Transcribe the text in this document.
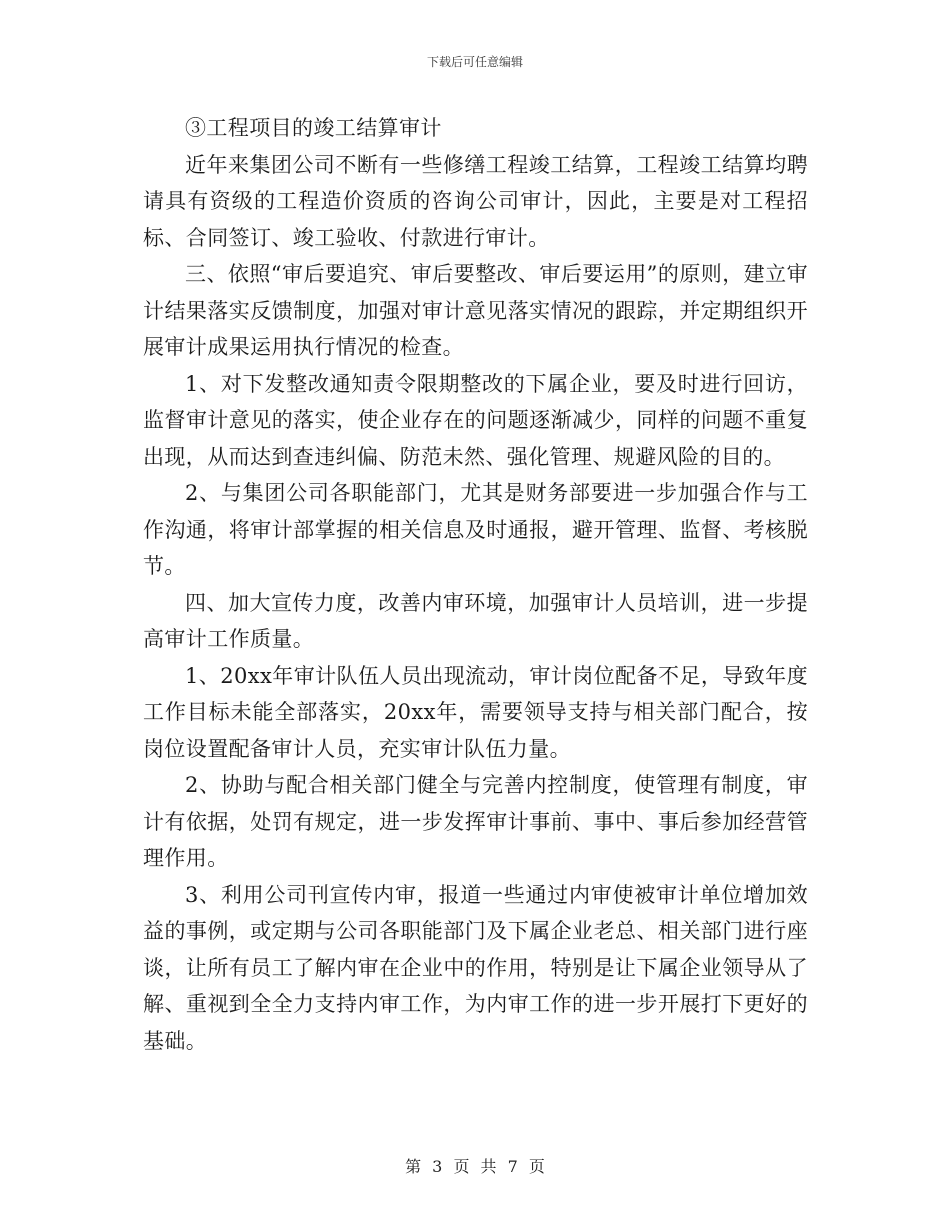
下载后可任意编辑

③工程项目的竣工结算审计

近年来集团公司不断有一些修缮工程竣工结算，工程竣工结算均聘请具有资级的工程造价资质的咨询公司审计，因此，主要是对工程招标、合同签订、竣工验收、付款进行审计。

三、依照“审后要追究、审后要整改、审后要运用”的原则，建立审计结果落实反馈制度，加强对审计意见落实情况的跟踪，并定期组织开展审计成果运用执行情况的检查。

1、对下发整改通知责令限期整改的下属企业，要及时进行回访，监督审计意见的落实，使企业存在的问题逐渐减少，同样的问题不重复出现，从而达到查违纠偏、防范未然、强化管理、规避风险的目的。

2、与集团公司各职能部门，尤其是财务部要进一步加强合作与工作沟通，将审计部掌握的相关信息及时通报，避开管理、监督、考核脱节。

四、加大宣传力度，改善内审环境，加强审计人员培训，进一步提高审计工作质量。

1、20xx年审计队伍人员出现流动，审计岗位配备不足，导致年度工作目标未能全部落实，20xx年，需要领导支持与相关部门配合，按岗位设置配备审计人员，充实审计队伍力量。

2、协助与配合相关部门健全与完善内控制度，使管理有制度，审计有依据，处罚有规定，进一步发挥审计事前、事中、事后参加经营管理作用。

3、利用公司刊宣传内审，报道一些通过内审使被审计单位增加效益的事例，或定期与公司各职能部门及下属企业老总、相关部门进行座谈，让所有员工了解内审在企业中的作用，特别是让下属企业领导从了解、重视到全全力支持内审工作，为内审工作的进一步开展打下更好的基础。

第 3 页 共 7 页
